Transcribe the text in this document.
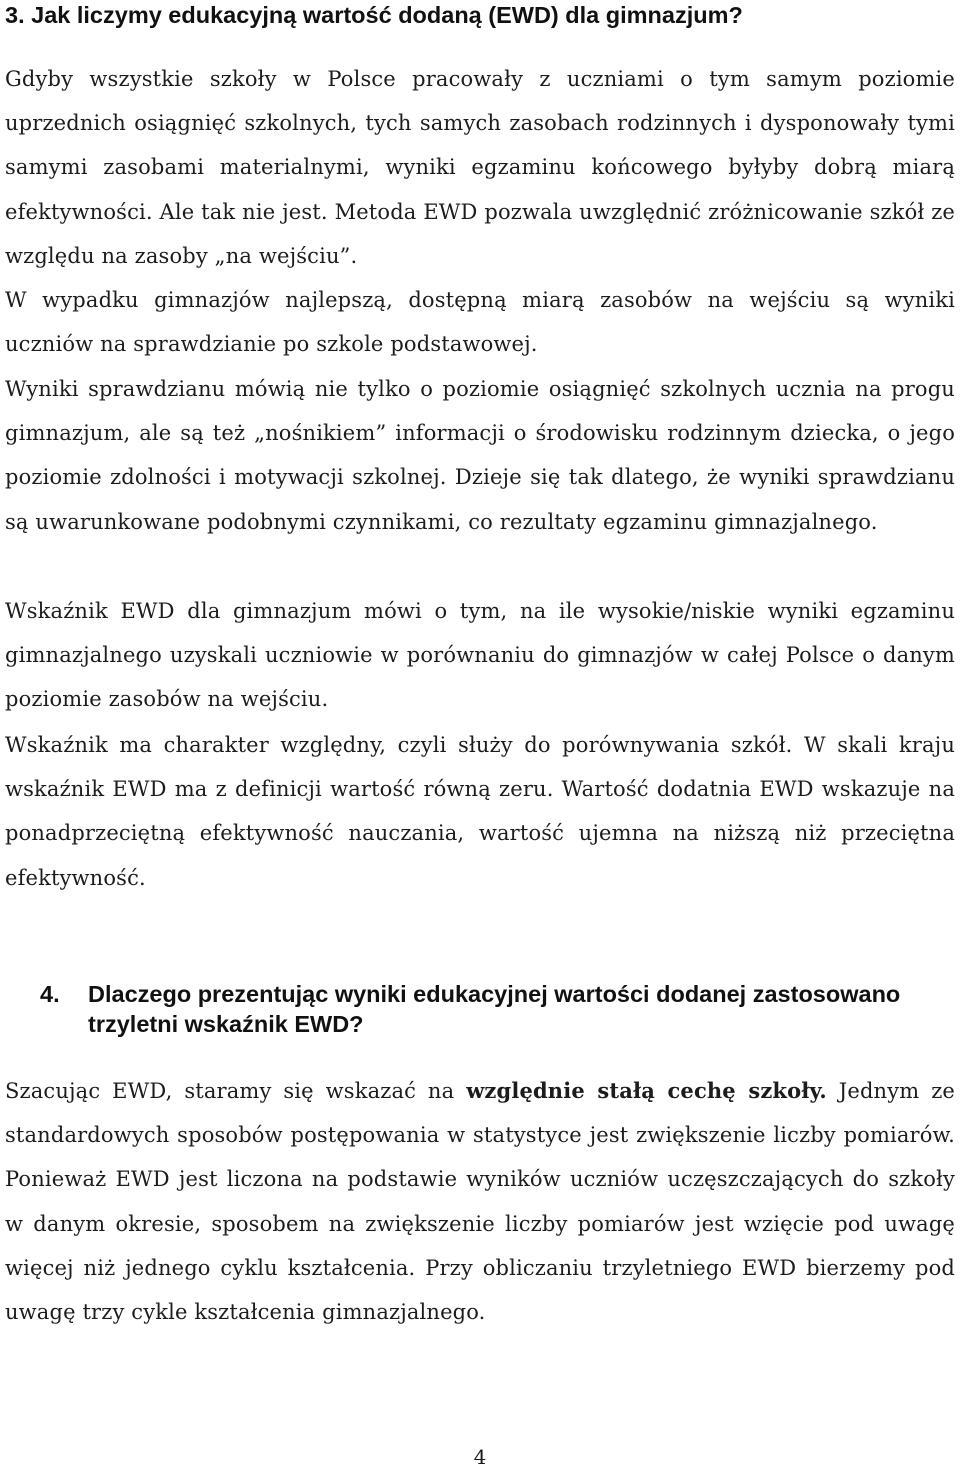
3. Jak liczymy edukacyjną wartość dodaną (EWD) dla gimnazjum?

Gdyby wszystkie szkoły w Polsce pracowały z uczniami o tym samym poziomie uprzednich osiągnięć szkolnych, tych samych zasobach rodzinnych i dysponowały tymi samymi zasobami materialnymi, wyniki egzaminu końcowego byłyby dobrą miarą efektywności. Ale tak nie jest. Metoda EWD pozwala uwzględnić zróżnicowanie szkół ze względu na zasoby „na wejściu”.

W wypadku gimnazjów najlepszą, dostępną miarą zasobów na wejściu są wyniki uczniów na sprawdzianie po szkole podstawowej.

Wyniki sprawdzianu mówią nie tylko o poziomie osiągnięć szkolnych ucznia na progu gimnazjum, ale są też „nośnikiem” informacji o środowisku rodzinnym dziecka, o jego poziomie zdolności i motywacji szkolnej. Dzieje się tak dlatego, że wyniki sprawdzianu są uwarunkowane podobnymi czynnikami, co rezultaty egzaminu gimnazjalnego.

Wskaźnik EWD dla gimnazjum mówi o tym, na ile wysokie/niskie wyniki egzaminu gimnazjalnego uzyskali uczniowie w porównaniu do gimnazjów w całej Polsce o danym poziomie zasobów na wejściu.

Wskaźnik ma charakter względny, czyli służy do porównywania szkół. W skali kraju wskaźnik EWD ma z definicji wartość równą zeru. Wartość dodatnia EWD wskazuje na ponadprzeciętną efektywność nauczania, wartość ujemna na niższą niż przeciętna efektywność.

4.	Dlaczego prezentując wyniki edukacyjnej wartości dodanej zastosowano trzyletni wskaźnik EWD?

Szacując EWD, staramy się wskazać na względnie stałą cechę szkoły. Jednym ze standardowych sposobów postępowania w statystyce jest zwiększenie liczby pomiarów. Ponieważ EWD jest liczona na podstawie wyników uczniów uczęszczających do szkoły w danym okresie, sposobem na zwiększenie liczby pomiarów jest wzięcie pod uwagę więcej niż jednego cyklu kształcenia. Przy obliczaniu trzyletniego EWD bierzemy pod uwagę trzy cykle kształcenia gimnazjalnego.

4
